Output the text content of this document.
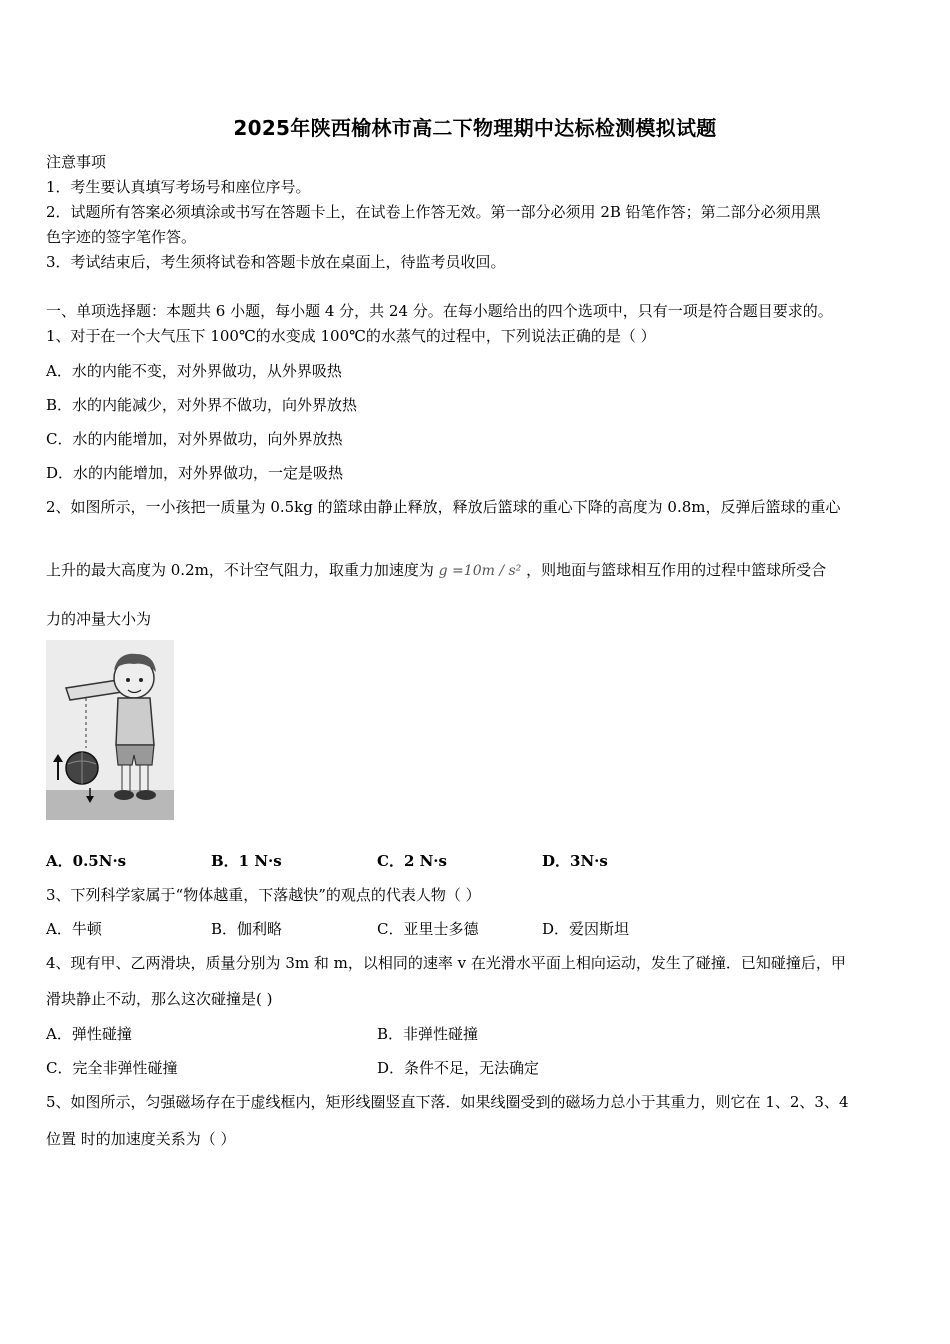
2025年陕西榆林市高二下物理期中达标检测模拟试题
注意事项
1．考生要认真填写考场号和座位序号。
2．试题所有答案必须填涂或书写在答题卡上，在试卷上作答无效。第一部分必须用 2B 铅笔作答；第二部分必须用黑
色字迹的签字笔作答。
3．考试结束后，考生须将试卷和答题卡放在桌面上，待监考员收回。
一、单项选择题：本题共 6 小题，每小题 4 分，共 24 分。在每小题给出的四个选项中，只有一项是符合题目要求的。
1、对于在一个大气压下 100℃的水变成 100℃的水蒸气的过程中，下列说法正确的是（ ）
A．水的内能不变，对外界做功，从外界吸热
B．水的内能减少，对外界不做功，向外界放热
C．水的内能增加，对外界做功，向外界放热
D．水的内能增加，对外界做功，一定是吸热
2、如图所示，一小孩把一质量为 0.5kg 的篮球由静止释放，释放后篮球的重心下降的高度为 0.8m，反弹后篮球的重心
上升的最大高度为 0.2m，不计空气阻力，取重力加速度为 g =10m / s² ，则地面与篮球相互作用的过程中篮球所受合
力的冲量大小为
A．0.5N·s	B．1 N·s	C．2 N·s	D．3N·s
3、下列科学家属于“物体越重，下落越快”的观点的代表人物（ ）
A．牛顿	B．伽利略	C．亚里士多德	D．爱因斯坦
4、现有甲、乙两滑块，质量分别为 3m 和 m，以相同的速率 v 在光滑水平面上相向运动，发生了碰撞．已知碰撞后，甲
滑块静止不动，那么这次碰撞是( )
A．弹性碰撞	B．非弹性碰撞
C．完全非弹性碰撞	D．条件不足，无法确定
5、如图所示，匀强磁场存在于虚线框内，矩形线圈竖直下落．如果线圈受到的磁场力总小于其重力，则它在 1、2、3、4
位置 时的加速度关系为（ ）
